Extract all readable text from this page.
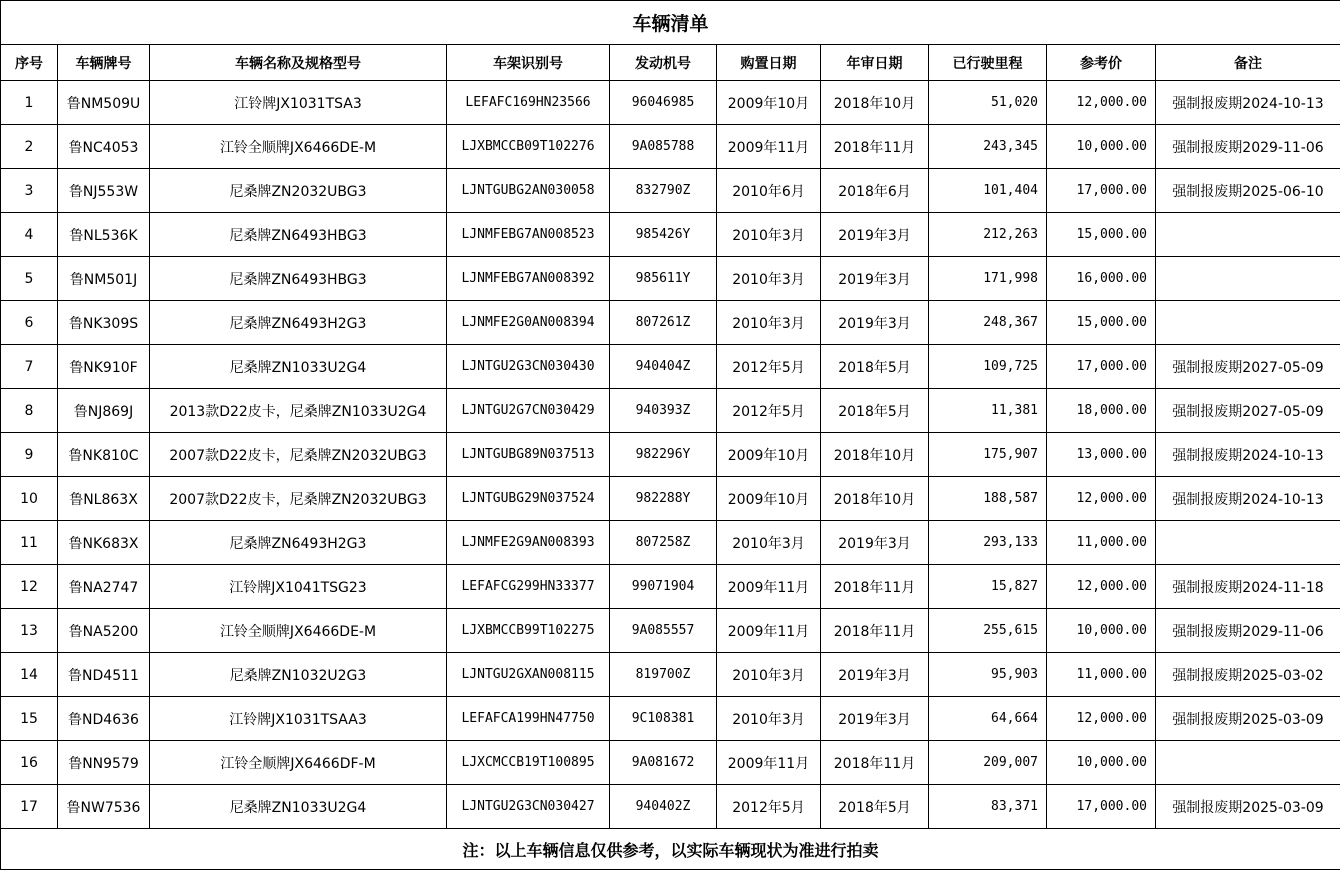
车辆清单									
序号	车辆牌号	车辆名称及规格型号	车架识别号	发动机号	购置日期	年审日期	已行驶里程	参考价	备注
1	鲁NM509U	江铃牌JX1031TSA3	LEFAFC169HN23566	96046985	2009年10月	2018年10月	51,020	12,000.00	强制报废期2024-10-13
2	鲁NC4053	江铃全顺牌JX6466DE-M	LJXBMCCB09T102276	9A085788	2009年11月	2018年11月	243,345	10,000.00	强制报废期2029-11-06
3	鲁NJ553W	尼桑牌ZN2032UBG3	LJNTGUBG2AN030058	832790Z	2010年6月	2018年6月	101,404	17,000.00	强制报废期2025-06-10
4	鲁NL536K	尼桑牌ZN6493HBG3	LJNMFEBG7AN008523	985426Y	2010年3月	2019年3月	212,263	15,000.00	
5	鲁NM501J	尼桑牌ZN6493HBG3	LJNMFEBG7AN008392	985611Y	2010年3月	2019年3月	171,998	16,000.00	
6	鲁NK309S	尼桑牌ZN6493H2G3	LJNMFE2G0AN008394	807261Z	2010年3月	2019年3月	248,367	15,000.00	
7	鲁NK910F	尼桑牌ZN1033U2G4	LJNTGU2G3CN030430	940404Z	2012年5月	2018年5月	109,725	17,000.00	强制报废期2027-05-09
8	鲁NJ869J	2013款D22皮卡，尼桑牌ZN1033U2G4	LJNTGU2G7CN030429	940393Z	2012年5月	2018年5月	11,381	18,000.00	强制报废期2027-05-09
9	鲁NK810C	2007款D22皮卡，尼桑牌ZN2032UBG3	LJNTGUBG89N037513	982296Y	2009年10月	2018年10月	175,907	13,000.00	强制报废期2024-10-13
10	鲁NL863X	2007款D22皮卡，尼桑牌ZN2032UBG3	LJNTGUBG29N037524	982288Y	2009年10月	2018年10月	188,587	12,000.00	强制报废期2024-10-13
11	鲁NK683X	尼桑牌ZN6493H2G3	LJNMFE2G9AN008393	807258Z	2010年3月	2019年3月	293,133	11,000.00	
12	鲁NA2747	江铃牌JX1041TSG23	LEFAFCG299HN33377	99071904	2009年11月	2018年11月	15,827	12,000.00	强制报废期2024-11-18
13	鲁NA5200	江铃全顺牌JX6466DE-M	LJXBMCCB99T102275	9A085557	2009年11月	2018年11月	255,615	10,000.00	强制报废期2029-11-06
14	鲁ND4511	尼桑牌ZN1032U2G3	LJNTGU2GXAN008115	819700Z	2010年3月	2019年3月	95,903	11,000.00	强制报废期2025-03-02
15	鲁ND4636	江铃牌JX1031TSAA3	LEFAFCA199HN47750	9C108381	2010年3月	2019年3月	64,664	12,000.00	强制报废期2025-03-09
16	鲁NN9579	江铃全顺牌JX6466DF-M	LJXCMCCB19T100895	9A081672	2009年11月	2018年11月	209,007	10,000.00	
17	鲁NW7536	尼桑牌ZN1033U2G4	LJNTGU2G3CN030427	940402Z	2012年5月	2018年5月	83,371	17,000.00	强制报废期2025-03-09
注：以上车辆信息仅供参考，以实际车辆现状为准进行拍卖									
